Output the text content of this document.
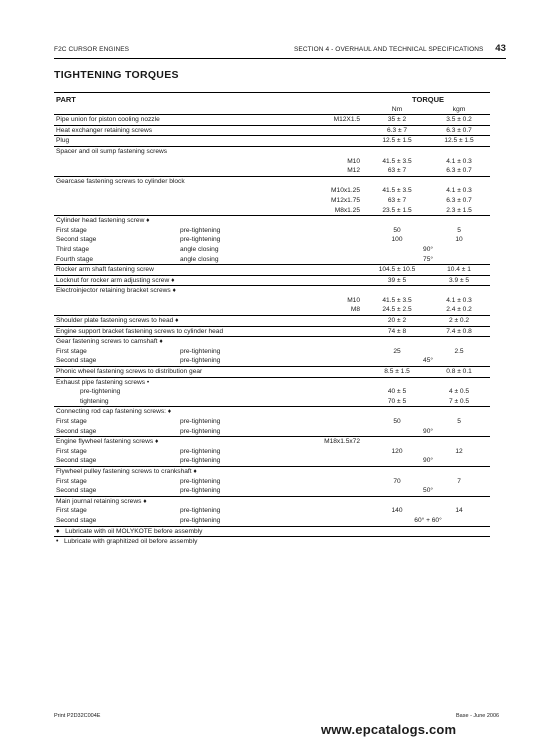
F2C CURSOR ENGINES	SECTION 4 - OVERHAUL AND TECHNICAL SPECIFICATIONS 43
TIGHTENING TORQUES
PART			TORQUE	
			Nm	kgm
Pipe union for piston cooling nozzle		M12X1.5	35 ± 2	3.5 ± 0.2
Heat exchanger retaining screws			6.3 ± 7	6.3 ± 0.7
Plug			12.5 ± 1.5	12.5 ± 1.5
Spacer and oil sump fastening screws				
		M10	41.5 ± 3.5	4.1 ± 0.3
		M12	63 ± 7	6.3 ± 0.7
Gearcase fastening screws to cylinder block				
		M10x1.25	41.5 ± 3.5	4.1 ± 0.3
		M12x1.75	63 ± 7	6.3 ± 0.7
		M8x1.25	23.5 ± 1.5	2.3 ± 1.5
Cylinder head fastening screw ♦				
First stage	pre-tightening		50	5
Second stage	pre-tightening		100	10
Third stage	angle closing		90°	
Fourth stage	angle closing		75°	
Rocker arm shaft fastening screw			104.5 ± 10.5	10.4 ± 1
Locknut for rocker arm adjusting screw ♦			39 ± 5	3.9 ± 5
Electroinjector retaining bracket screws ♦				
		M10	41.5 ± 3.5	4.1 ± 0.3
		M8	24.5 ± 2.5	2.4 ± 0.2
Shoulder plate fastening screws to head ♦			20 ± 2	2 ± 0.2
Engine support bracket fastening screws to cylinder head			74 ± 8	7.4 ± 0.8
Gear fastening screws to camshaft ♦				
First stage	pre-tightening		25	2.5
Second stage	pre-tightening		45°	
Phonic wheel fastening screws to distribution gear			8.5 ± 1.5	0.8 ± 0.1
Exhaust pipe fastening screws •				
pre-tightening			40 ± 5	4 ± 0.5
tightening			70 ± 5	7 ± 0.5
Connecting rod cap fastening screws: ♦				
First stage	pre-tightening		50	5
Second stage	pre-tightening		90°	
Engine flywheel fastening screws ♦		M18x1.5x72		
First stage	pre-tightening		120	12
Second stage	pre-tightening		90°	
Flywheel pulley fastening screws to crankshaft ♦				
First stage	pre-tightening		70	7
Second stage	pre-tightening		50°	
Main journal retaining screws ♦				
First stage	pre-tightening		140	14
Second stage	pre-tightening		60° + 60°	
♦ Lubricate with oil MOLYKOTE before assembly				
• Lubricate with graphitized oil before assembly				
Print P2D32C004E	Base - June 2006
www.epcatalogs.com
